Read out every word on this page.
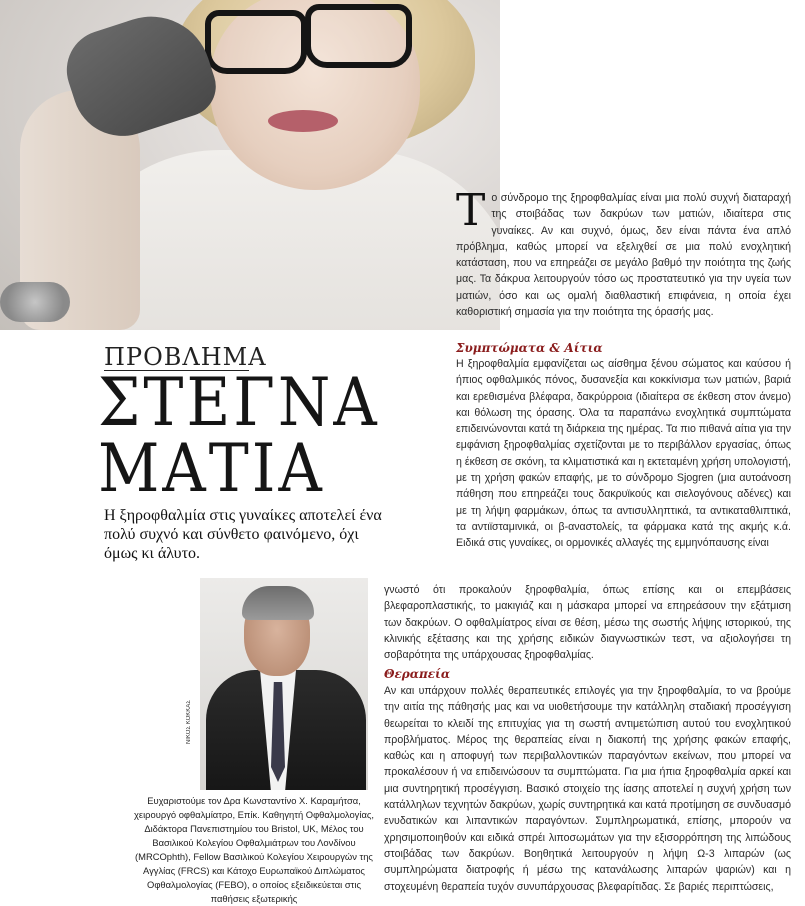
ΠΡΟΒΛΗΜΑ
ΣΤΕΓΝΑ
ΜΑΤΙΑ
Η ξηροφθαλμία στις γυναίκες αποτελεί ένα πολύ συχνό και σύνθετο φαινόμενο, όχι όμως κι άλυτο.
ΝΙΚΟΣ ΚΟΚΚΑΣ
Ευχαριστούμε τον Δρα Κωνσταντίνο Χ. Καραμήτσα, χειρουργό οφθαλμίατρο, Επίκ. Καθηγητή Οφθαλμολογίας, Διδάκτορα Πανεπιστημίου του Bristol, UK, Μέλος του Βασιλικού Κολεγίου Οφθαλμιάτρων του Λονδίνου (MRCOphth), Fellow Βασιλικού Κολεγίου Χειρουργών της Αγγλίας (FRCS) και Κάτοχο Ευρωπαϊκού Διπλώματος Οφθαλμολογίας (FEBO), ο οποίος εξειδικεύεται στις παθήσεις εξωτερικής
Τ ο σύνδρομο της ξηροφθαλμίας είναι μια πολύ συχνή διαταραχή της στοιβάδας των δακρύων των ματιών, ιδιαίτερα στις γυναίκες. Αν και συχνό, όμως, δεν είναι πάντα ένα απλό πρόβλημα, καθώς μπορεί να εξελιχθεί σε μια πολύ ενοχλητική κατάσταση, που να επηρεάζει σε μεγάλο βαθμό την ποιότητα της ζωής μας. Τα δάκρυα λειτουργούν τόσο ως προστατευτικό για την υγεία των ματιών, όσο και ως ομαλή διαθλαστική επιφάνεια, η οποία έχει καθοριστική σημασία για την ποιότητα της όρασής μας.
Συμπτώματα & Αίτια
Η ξηροφθαλμία εμφανίζεται ως αίσθημα ξένου σώματος και καύσου ή ήπιος οφθαλμικός πόνος, δυσανεξία και κοκκίνισμα των ματιών, βαριά και ερεθισμένα βλέφαρα, δακρύρροια (ιδιαίτερα σε έκθεση στον άνεμο) και θόλωση της όρασης. Όλα τα παραπάνω ενοχλητικά συμπτώματα επιδεινώνονται κατά τη διάρκεια της ημέρας. Τα πιο πιθανά αίτια για την εμφάνιση ξηροφθαλμίας σχετίζονται με το περιβάλλον εργασίας, όπως η έκθεση σε σκόνη, τα κλιματιστικά και η εκτεταμένη χρήση υπολογιστή, με τη χρήση φακών επαφής, με το σύνδρομο Sjogren (μια αυτοάνοση πάθηση που επηρεάζει τους δακρυϊκούς και σιελογόνους αδένες) και με τη λήψη φαρμάκων, όπως τα αντισυλληπτικά, τα αντικαταθλιπτικά, τα αντιϊσταμινικά, οι β-αναστολείς, τα φάρμακα κατά της ακμής κ.ά. Ειδικά στις γυναίκες, οι ορμονικές αλλαγές της εμμηνόπαυσης είναι
γνωστό ότι προκαλούν ξηροφθαλμία, όπως επίσης και οι επεμβάσεις βλεφαροπλαστικής, το μακιγιάζ και η μάσκαρα μπορεί να επηρεάσουν την εξάτμιση των δακρύων. Ο οφθαλμίατρος είναι σε θέση, μέσω της σωστής λήψης ιστορικού, της κλινικής εξέτασης και της χρήσης ειδικών διαγνωστικών τεστ, να αξιολογήσει τη σοβαρότητα της υπάρχουσας ξηροφθαλμίας.
Θεραπεία
Αν και υπάρχουν πολλές θεραπευτικές επιλογές για την ξηροφθαλμία, το να βρούμε την αιτία της πάθησής μας και να υιοθετήσουμε την κατάλληλη σταδιακή προσέγγιση θεωρείται το κλειδί της επιτυχίας για τη σωστή αντιμετώπιση αυτού του ενοχλητικού προβλήματος. Μέρος της θεραπείας είναι η διακοπή της χρήσης φακών επαφής, καθώς και η αποφυγή των περιβαλλοντικών παραγόντων εκείνων, που μπορεί να προκαλέσουν ή να επιδεινώσουν τα συμπτώματα. Για μια ήπια ξηροφθαλμία αρκεί και μια συντηρητική προσέγγιση. Βασικό στοιχείο της ίασης αποτελεί η συχνή χρήση των κατάλληλων τεχνητών δακρύων, χωρίς συντηρητικά και κατά προτίμηση σε συνδυασμό ενυδατικών και λιπαντικών παραγόντων. Συμπληρωματικά, επίσης, μπορούν να χρησιμοποιηθούν και ειδικά σπρέι λιποσωμάτων για την εξισορρόπηση της λιπώδους στοιβάδας των δακρύων. Βοηθητικά λειτουργούν η λήψη Ω-3 λιπαρών (ως συμπληρώματα διατροφής ή μέσω της κατανάλωσης λιπαρών ψαριών) και η στοχευμένη θεραπεία τυχόν συνυπάρχουσας βλεφαρίτιδας. Σε βαριές περιπτώσεις,
